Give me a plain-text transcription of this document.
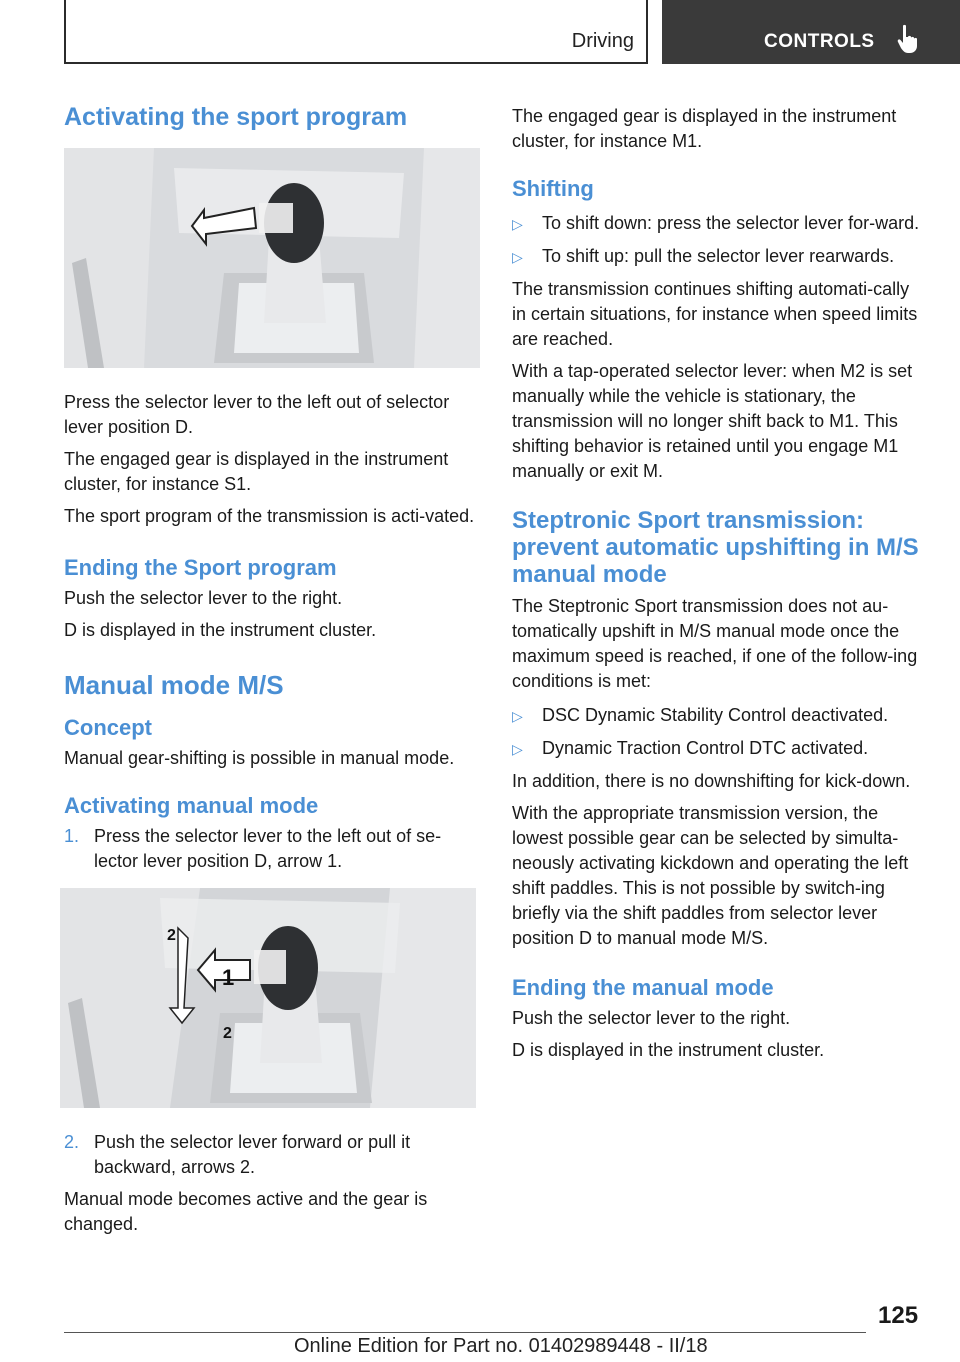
Driving	CONTROLS
Activating the sport program

Press the selector lever to the left out of selector lever position D.

The engaged gear is displayed in the instrument cluster, for instance S1.

The sport program of the transmission is acti-vated.

Ending the Sport program

Push the selector lever to the right.

D is displayed in the instrument cluster.

Manual mode M/S
Concept

Manual gear-shifting is possible in manual mode.

Activating manual mode
1. Press the selector lever to the left out of se-lector lever position D, arrow 1.
1
2
2
2. Push the selector lever forward or pull it backward, arrows 2.

Manual mode becomes active and the gear is changed.

The engaged gear is displayed in the instrument cluster, for instance M1.

Shifting
▷	To shift down: press the selector lever for-ward.
▷	To shift up: pull the selector lever rearwards.

The transmission continues shifting automati-cally in certain situations, for instance when speed limits are reached.

With a tap-operated selector lever: when M2 is set manually while the vehicle is stationary, the transmission will no longer shift back to M1. This shifting behavior is retained until you engage M1 manually or exit M.

Steptronic Sport transmission: prevent automatic upshifting in M/S manual mode

The Steptronic Sport transmission does not au-tomatically upshift in M/S manual mode once the maximum speed is reached, if one of the follow-ing conditions is met:

▷	DSC Dynamic Stability Control deactivated.
▷	Dynamic Traction Control DTC activated.

In addition, there is no downshifting for kick-down.

With the appropriate transmission version, the lowest possible gear can be selected by simulta-neously activating kickdown and operating the left shift paddles. This is not possible by switch-ing briefly via the shift paddles from selector lever position D to manual mode M/S.

Ending the manual mode

Push the selector lever to the right.

D is displayed in the instrument cluster.

125
Online Edition for Part no. 01402989448 - II/18
